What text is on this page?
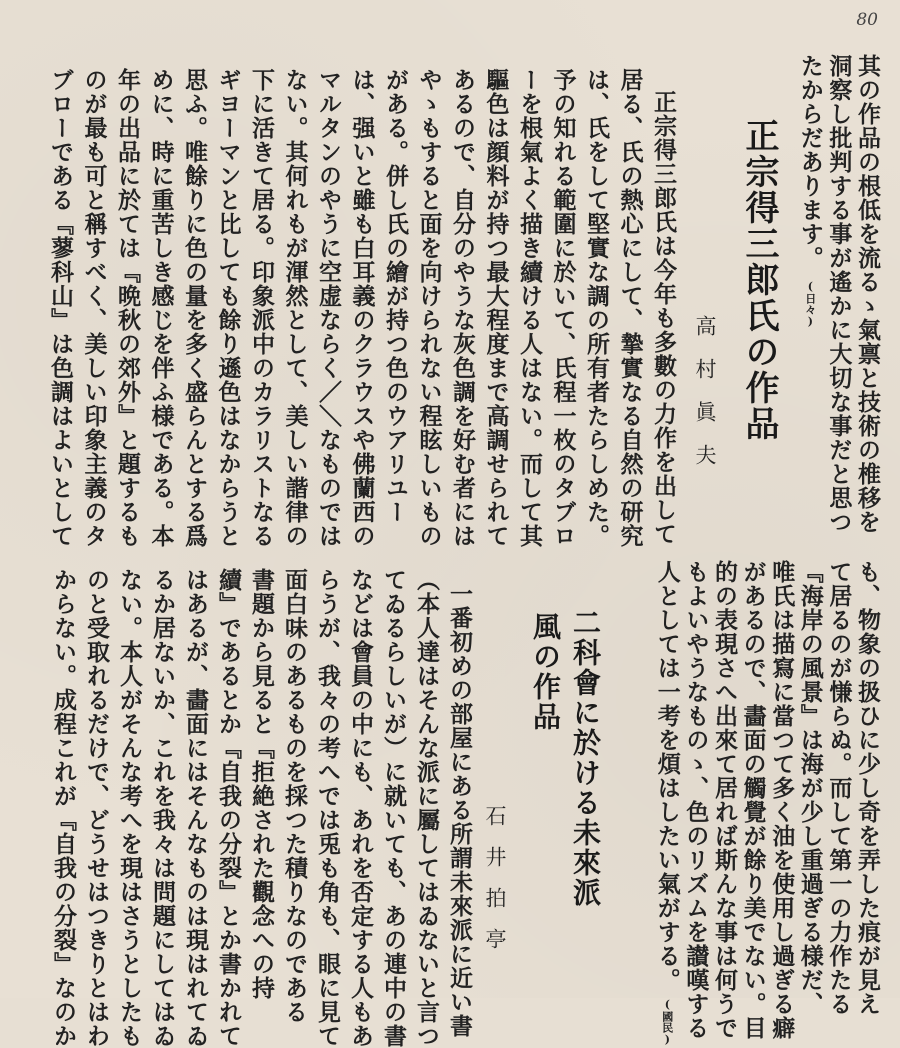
80
其の作品の根低を流るゝ氣禀と技術の椎移を
洞察し批判する事が遙かに大切な事だと思つ
たからだあります。(日々)
正宗得三郎氏の作品
高村眞夫
正宗得三郎氏は今年も多數の力作を出して
居る、氏の熱心にして、摯實なる自然の研究
は、氏をして堅實な調の所有者たらしめた。
予の知れる範圍に於いて、氏程一枚のタブロ
ーを根氣よく描き續ける人はない。而して其
驅色は顔料が持つ最大程度まで高調せられて
あるので、自分のやうな灰色調を好む者には
やゝもすると面を向けられない程眩しいもの
がある。併し氏の繪が持つ色のウアリユー
は、强いと雖も白耳義のクラウスや佛蘭西の
マルタンのやうに空虚ならく／＼なものでは
ない。其何れもが渾然として、美しい諧律の
下に活きて居る。印象派中のカラリストなる
ギヨーマンと比しても餘り遜色はなからうと
思ふ。唯餘りに色の量を多く盛らんとする爲
めに、時に重苦しき感じを伴ふ様である。本
年の出品に於ては『晩秋の郊外』と題するも
のが最も可と稱すべく、美しい印象主義のタ
ブローである『蓼科山』は色調はよいとして
も、物象の扱ひに少し奇を弄した痕が見え
て居るのが慊らぬ。而して第一の力作たる
『海岸の風景』は海が少し重過ぎる様だ、
唯氏は描寫に當つて多く油を使用し過ぎる癖
があるので、畵面の觸覺が餘り美でない。目
的の表現さへ出來て居れば斯んな事は何うで
もよいやうなものゝ、色のリズムを讃嘆する
人としては一考を煩はしたい氣がする。(國民)
二科會に於ける未來派
風の作品
石井拍亭
一番初めの部屋にある所謂未來派に近い書
（本人達はそんな派に屬してはゐないと言つ
てゐるらしいが）に就いても、あの連中の書
などは會員の中にも、あれを否定する人もあ
らうが、我々の考へでは兎も角も、眼に見て
面白味のあるものを採つた積りなのである
書題から見ると『拒絶された觀念への持
續』であるとか『自我の分裂』とか書かれて
はあるが、畵面にはそんなものは現はれてゐ
るか居ないか、これを我々は問題にしてはゐ
ない。本人がそんな考へを現はさうとしたも
のと受取れるだけで、どうせはつきりとはわ
からない。成程これが『自我の分裂』なのか
